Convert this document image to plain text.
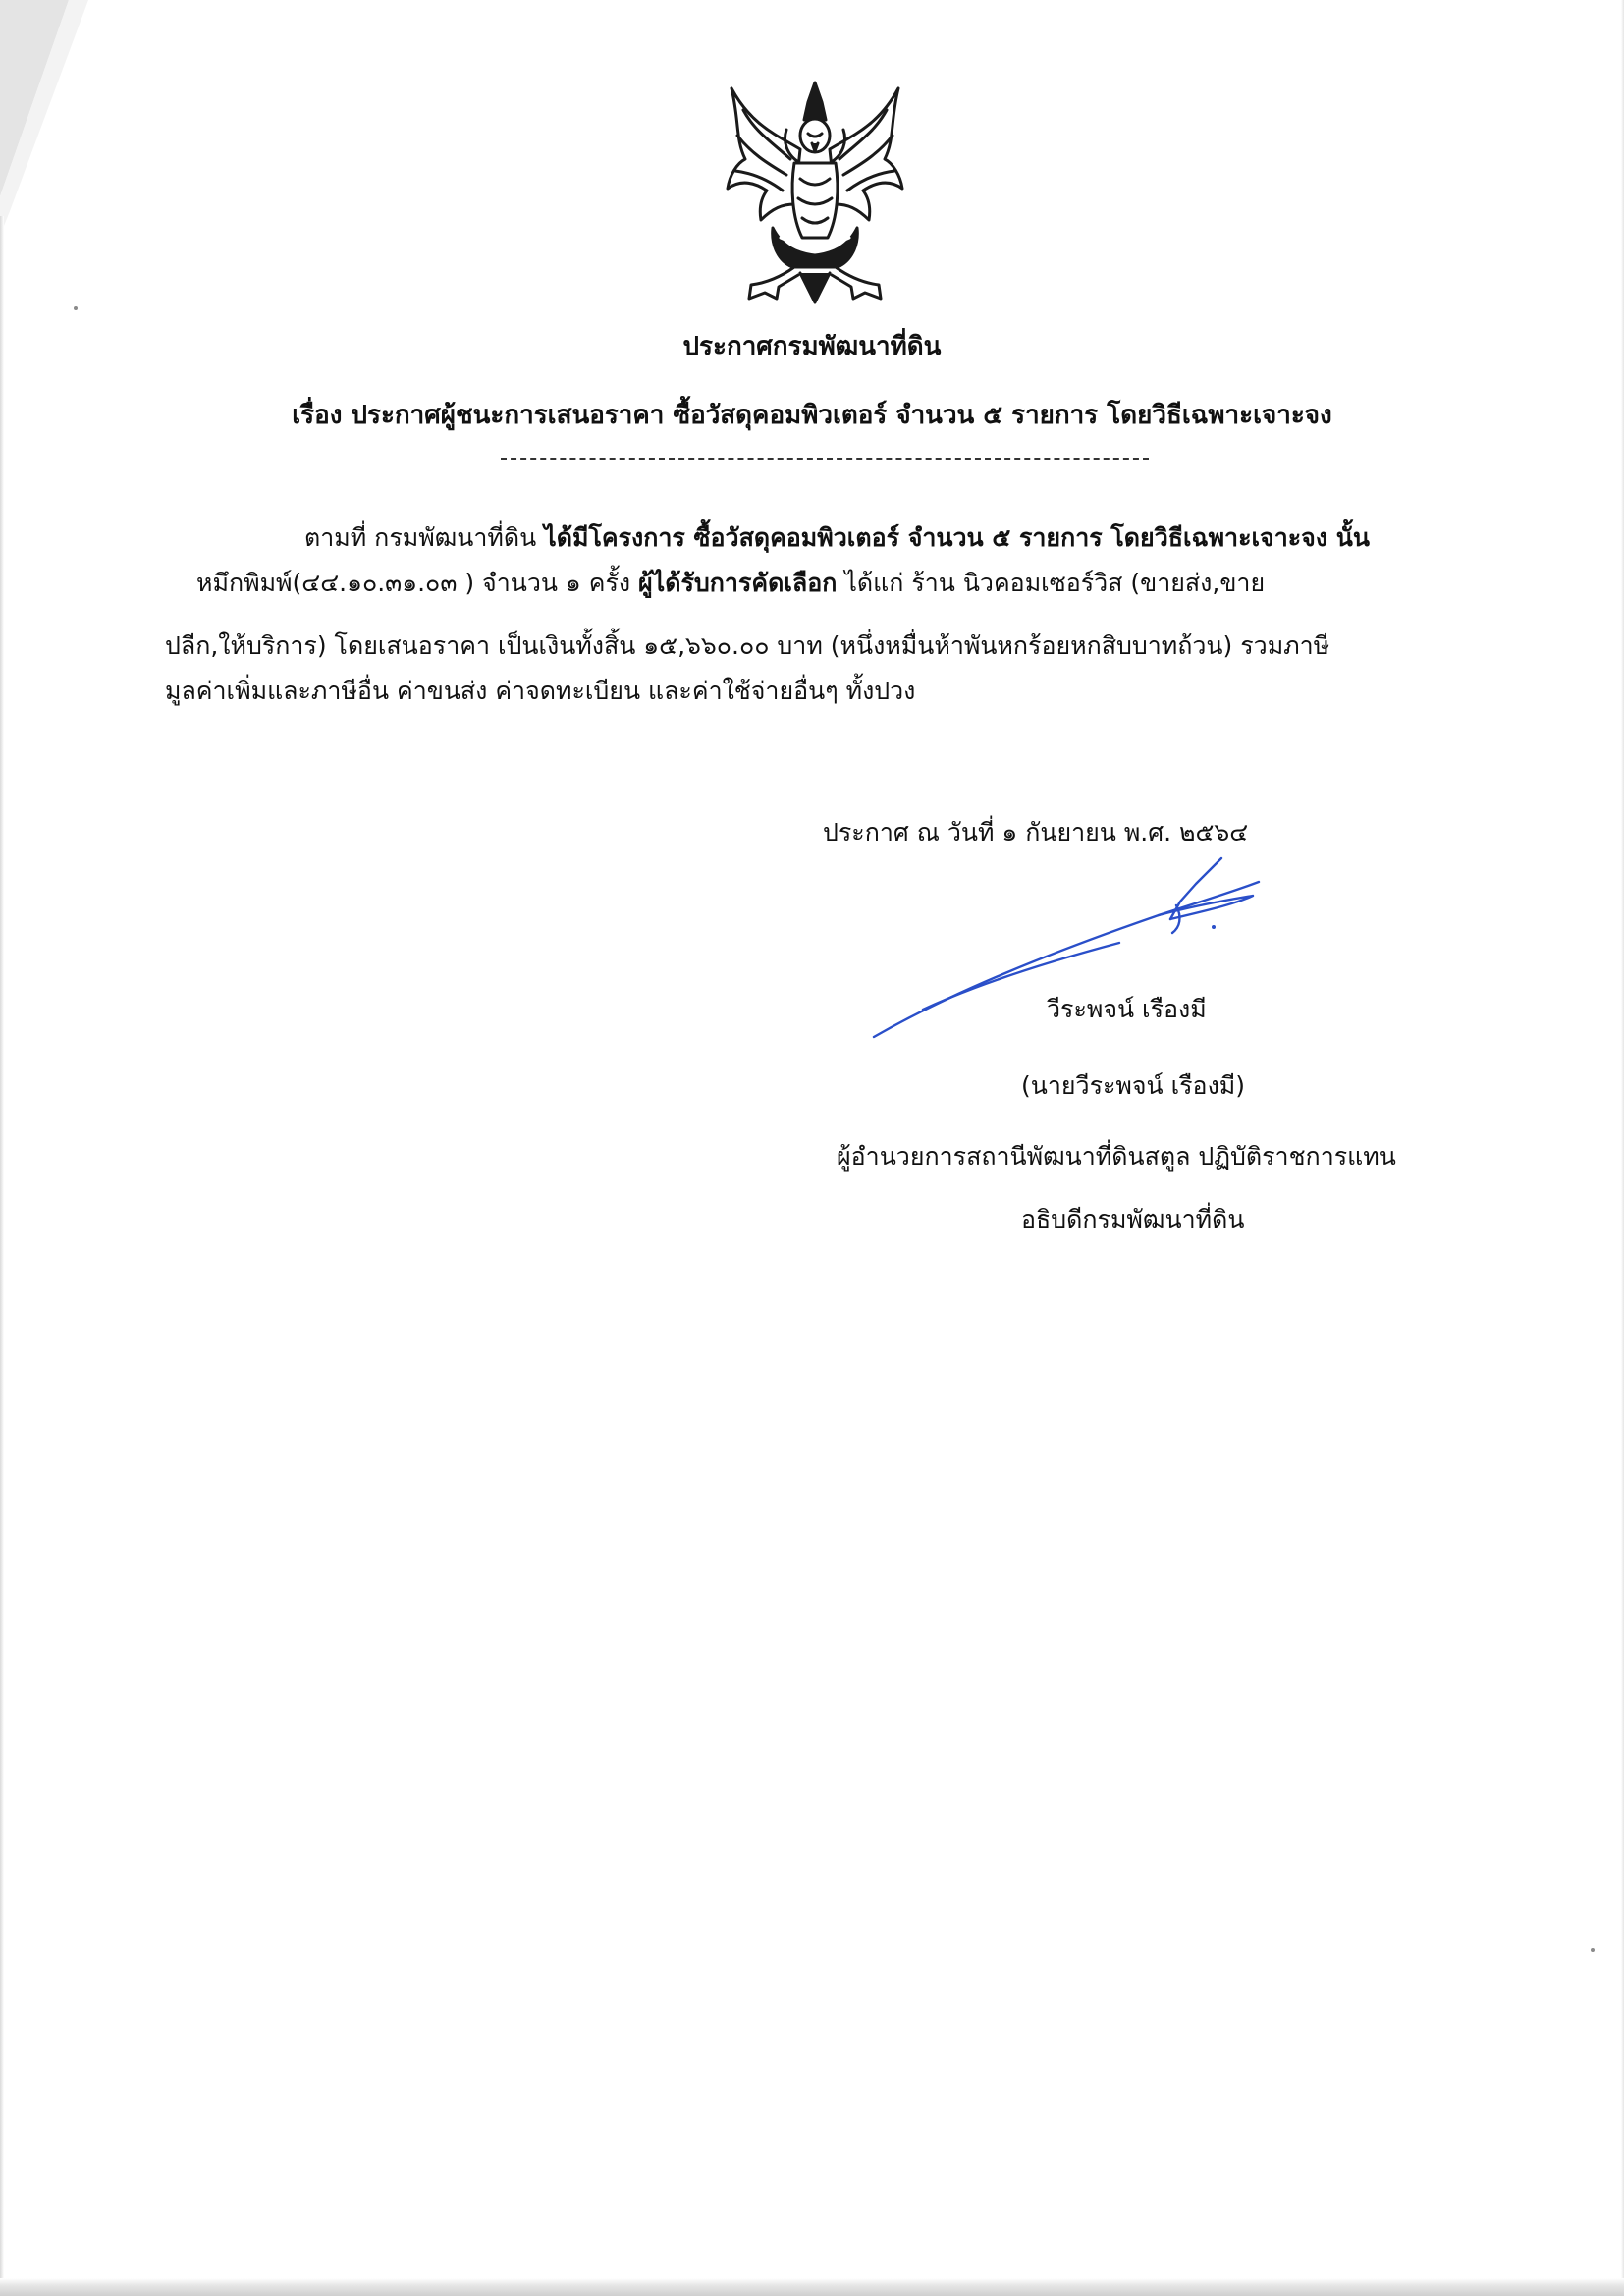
ประกาศกรมพัฒนาที่ดิน
เรื่อง ประกาศผู้ชนะการเสนอราคา ซื้อวัสดุคอมพิวเตอร์ จำนวน ๕ รายการ โดยวิธีเฉพาะเจาะจง
ตามที่ กรมพัฒนาที่ดิน ได้มีโครงการ ซื้อวัสดุคอมพิวเตอร์ จำนวน ๕ รายการ โดยวิธีเฉพาะเจาะจง นั้น
หมึกพิมพ์(๔๔.๑๐.๓๑.๐๓ ) จำนวน ๑ ครั้ง ผู้ได้รับการคัดเลือก ได้แก่ ร้าน นิวคอมเซอร์วิส (ขายส่ง,ขาย
ปลีก,ให้บริการ) โดยเสนอราคา เป็นเงินทั้งสิ้น ๑๕,๖๖๐.๐๐ บาท (หนึ่งหมื่นห้าพันหกร้อยหกสิบบาทถ้วน) รวมภาษี
มูลค่าเพิ่มและภาษีอื่น ค่าขนส่ง ค่าจดทะเบียน และค่าใช้จ่ายอื่นๆ ทั้งปวง
ประกาศ ณ วันที่ ๑ กันยายน พ.ศ. ๒๕๖๔
วีระพจน์ เรืองมี
(นายวีระพจน์ เรืองมี)
ผู้อำนวยการสถานีพัฒนาที่ดินสตูล ปฏิบัติราชการแทน
อธิบดีกรมพัฒนาที่ดิน
